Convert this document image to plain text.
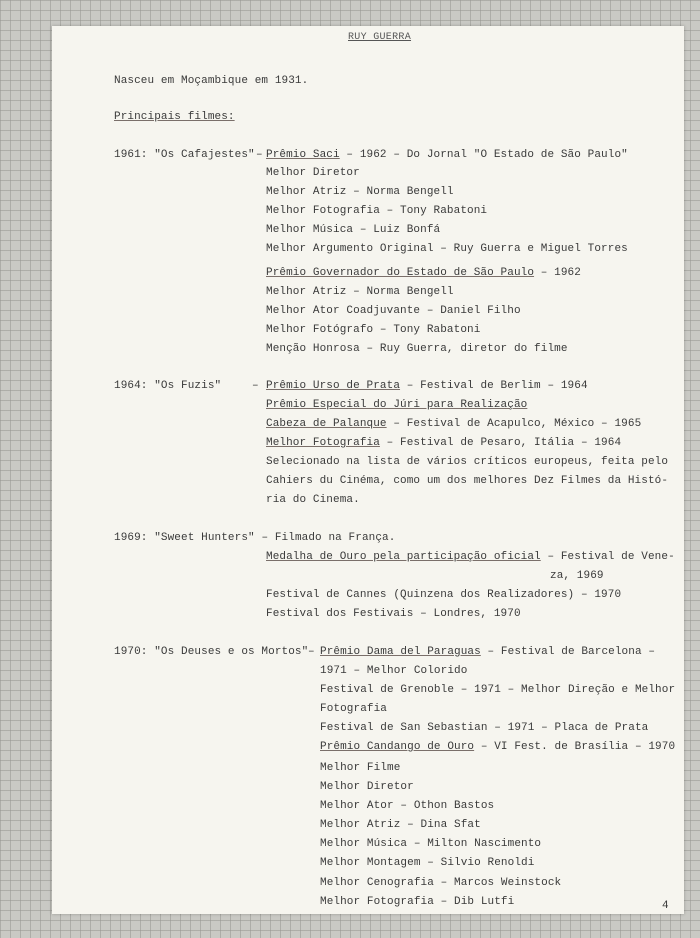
RUY GUERRA
Nasceu em Moçambique em 1931.
Principais filmes:
1961: "Os Cafajestes" – Prêmio Saci – 1962 – Do Jornal "O Estado de São Paulo"
Melhor Diretor
Melhor Atriz – Norma Bengell
Melhor Fotografia – Tony Rabatoni
Melhor Música – Luiz Bonfá
Melhor Argumento Original – Ruy Guerra e Miguel Torres
Prêmio Governador do Estado de São Paulo – 1962
Melhor Atriz – Norma Bengell
Melhor Ator Coadjuvante – Daniel Filho
Melhor Fotógrafo – Tony Rabatoni
Menção Honrosa – Ruy Guerra, diretor do filme
1964: "Os Fuzis"	– Prêmio Urso de Prata – Festival de Berlim – 1964
Prêmio Especial do Júri para Realização
Cabeza de Palanque – Festival de Acapulco, México – 1965
Melhor Fotografia – Festival de Pesaro, Itália – 1964
Selecionado na lista de vários críticos europeus, feita pelo
Cahiers du Cinéma, como um dos melhores Dez Filmes da Histó-
ria do Cinema.
1969: "Sweet Hunters" – Filmado na França.
Medalha de Ouro pela participação oficial – Festival de Vene-
za, 1969
Festival de Cannes (Quinzena dos Realizadores) – 1970
Festival dos Festivais – Londres, 1970
1970: "Os Deuses e os Mortos" – Prêmio Dama del Paraguas – Festival de Barcelona –
1971 – Melhor Colorido
Festival de Grenoble – 1971 – Melhor Direção e Melhor
Fotografia
Festival de San Sebastian – 1971 – Placa de Prata
Prêmio Candango de Ouro – VI Fest. de Brasília – 1970
Melhor Filme
Melhor Diretor
Melhor Ator – Othon Bastos
Melhor Atriz – Dina Sfat
Melhor Música – Milton Nascimento
Melhor Montagem – Silvio Renoldi
Melhor Cenografia – Marcos Weinstock
Melhor Fotografia – Dib Lutfi	4
